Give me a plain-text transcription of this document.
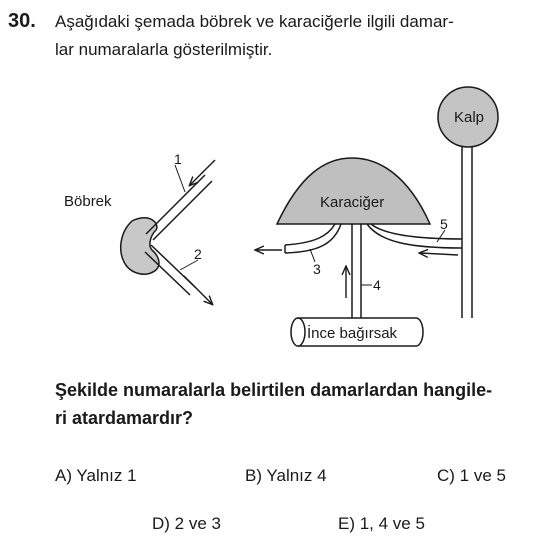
30. Aşağıdaki şemada böbrek ve karaciğerle ilgili damar-
lar numaralarla gösterilmiştir.
Böbrek
1
2
Karaciğer
4
3
5
Kalp
İnce bağırsak
Şekilde numaralarla belirtilen damarlardan hangile-
ri atardamardır?
A) Yalnız 1	B) Yalnız 4	C) 1 ve 5
D) 2 ve 3	E) 1, 4 ve 5
